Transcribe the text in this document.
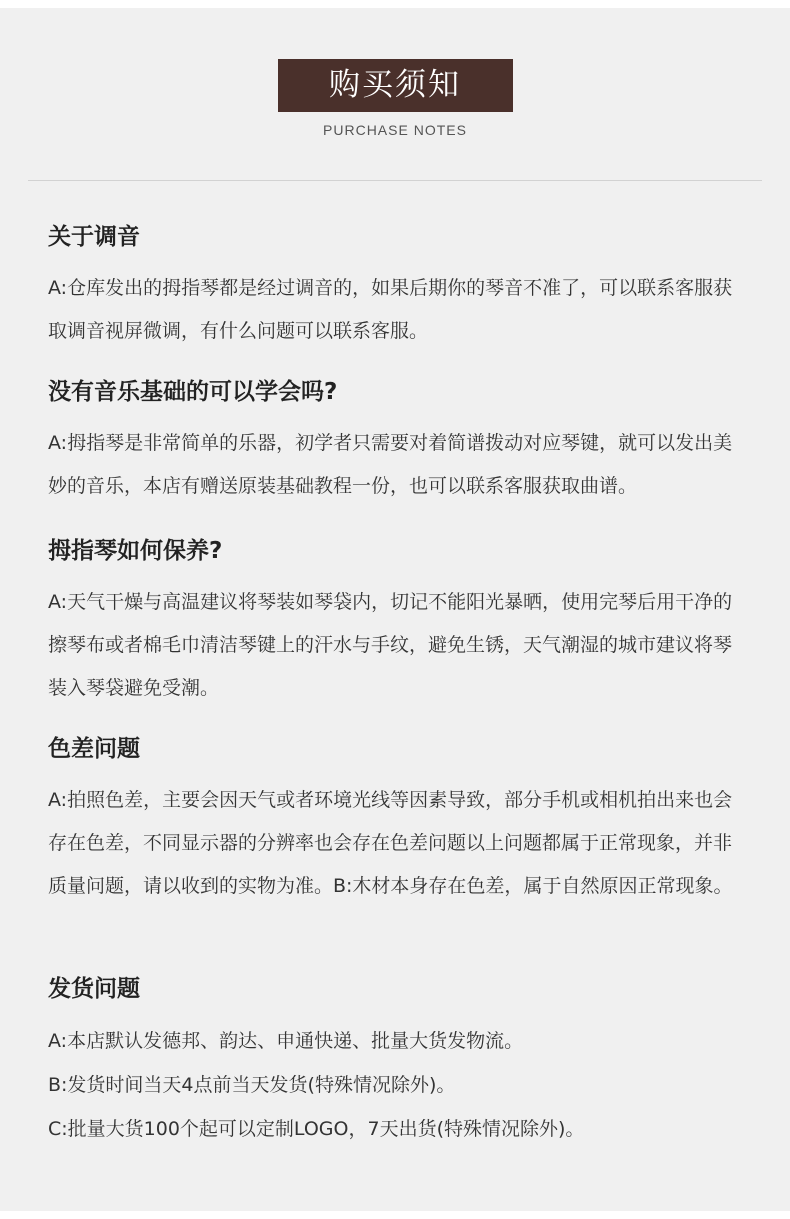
购买须知
PURCHASE NOTES
关于调音

A:仓库发出的拇指琴都是经过调音的，如果后期你的琴音不准了，可以联系客服获取调音视屏微调，有什么问题可以联系客服。

没有音乐基础的可以学会吗?

A:拇指琴是非常简单的乐器，初学者只需要对着简谱拨动对应琴键，就可以发出美妙的音乐，本店有赠送原装基础教程一份，也可以联系客服获取曲谱。

拇指琴如何保养?

A:天气干燥与高温建议将琴装如琴袋内，切记不能阳光暴晒，使用完琴后用干净的擦琴布或者棉毛巾清洁琴键上的汗水与手纹，避免生锈，天气潮湿的城市建议将琴装入琴袋避免受潮。

色差问题

A:拍照色差，主要会因天气或者环境光线等因素导致，部分手机或相机拍出来也会存在色差，不同显示器的分辨率也会存在色差问题以上问题都属于正常现象，并非质量问题，请以收到的实物为准。B:木材本身存在色差，属于自然原因正常现象。

发货问题

A:本店默认发德邦、韵达、申通快递、批量大货发物流。

B:发货时间当天4点前当天发货(特殊情况除外)。

C:批量大货100个起可以定制LOGO，7天出货(特殊情况除外)。
